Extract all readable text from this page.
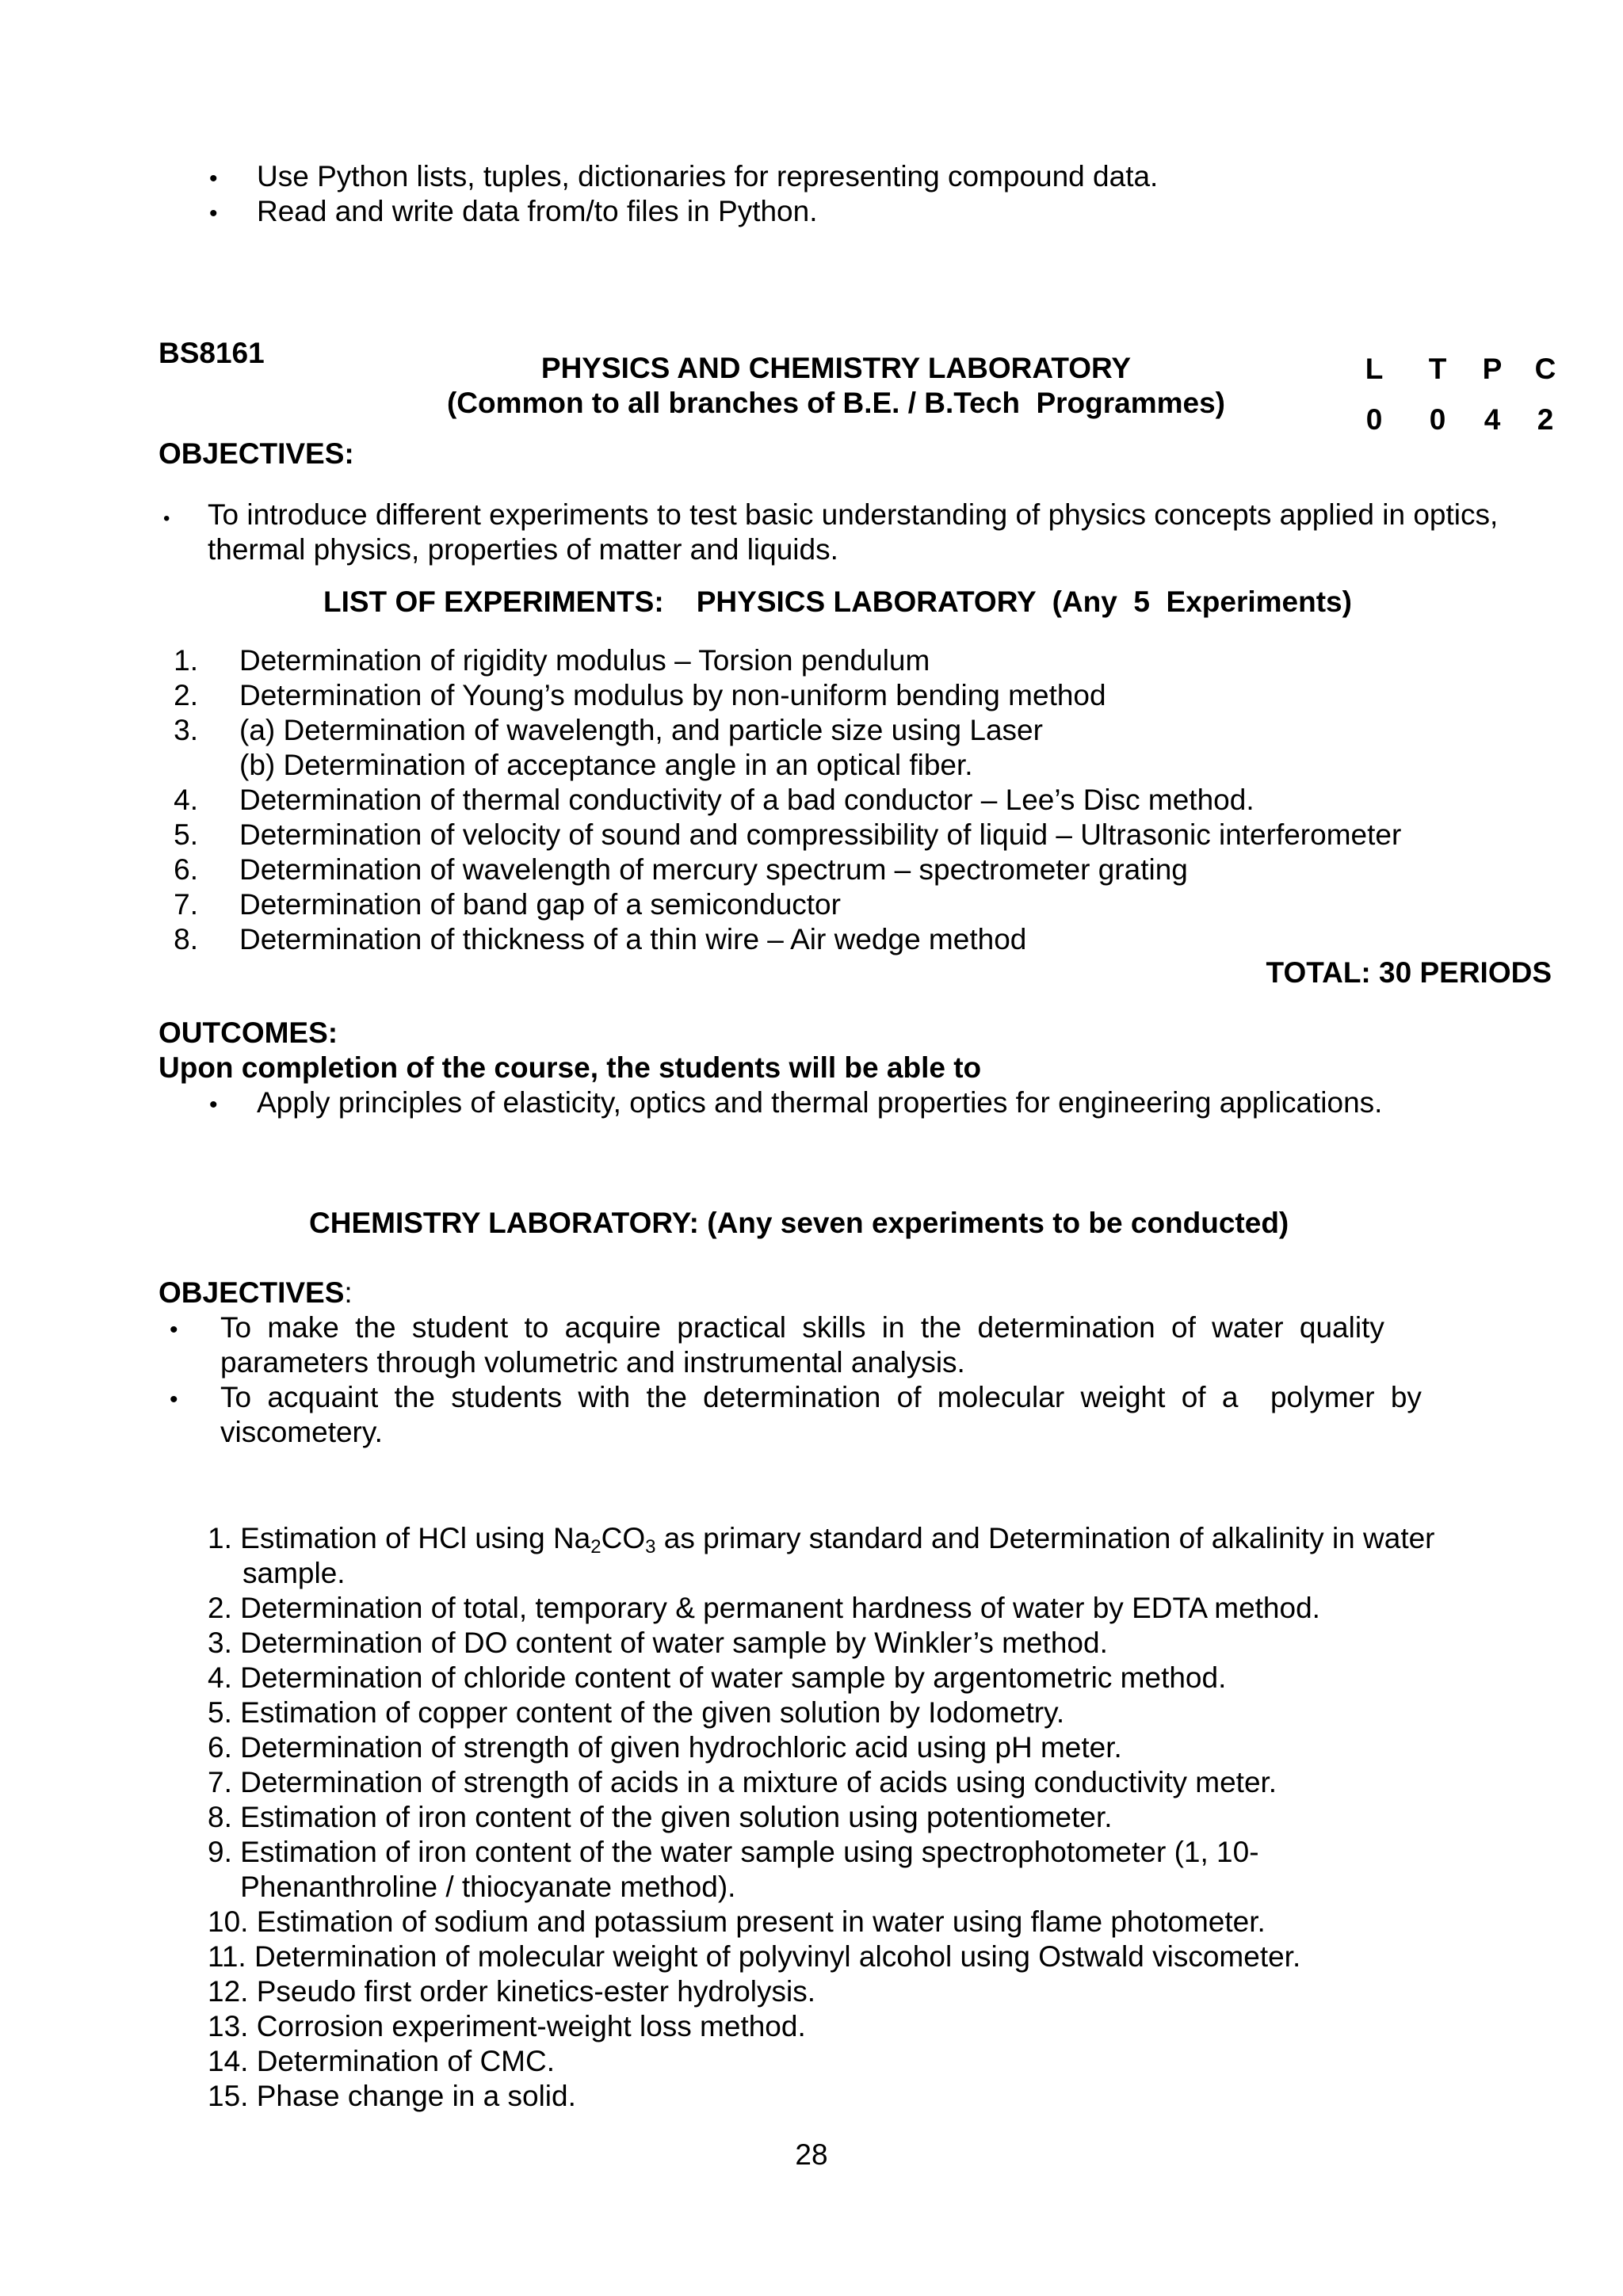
• Use Python lists, tuples, dictionaries for representing compound data.
• Read and write data from/to files in Python.
BS8161	PHYSICS AND CHEMISTRY LABORATORY
(Common to all branches of B.E. / B.Tech  Programmes)
L T P C
0 0 4 2
OBJECTIVES:
• To introduce different experiments to test basic understanding of physics concepts applied in optics,
thermal physics, properties of matter and liquids.
LIST OF EXPERIMENTS:    PHYSICS LABORATORY  (Any  5  Experiments)
1. Determination of rigidity modulus – Torsion pendulum
2. Determination of Young’s modulus by non-uniform bending method
3. (a) Determination of wavelength, and particle size using Laser
(b) Determination of acceptance angle in an optical fiber.
4. Determination of thermal conductivity of a bad conductor – Lee’s Disc method.
5. Determination of velocity of sound and compressibility of liquid – Ultrasonic interferometer
6. Determination of wavelength of mercury spectrum – spectrometer grating
7. Determination of band gap of a semiconductor
8. Determination of thickness of a thin wire – Air wedge method
TOTAL: 30 PERIODS
OUTCOMES:
Upon completion of the course, the students will be able to
• Apply principles of elasticity, optics and thermal properties for engineering applications.
CHEMISTRY LABORATORY: (Any seven experiments to be conducted)
OBJECTIVES:
• To make the student to acquire practical skills in the determination of water quality
parameters through volumetric and instrumental analysis.
• To acquaint the students with the determination of molecular weight of a  polymer by
viscometery.
1. Estimation of HCl using $Na_2CO_3$ as primary standard and Determination of alkalinity in water
sample.
2. Determination of total, temporary & permanent hardness of water by EDTA method.
3. Determination of DO content of water sample by Winkler’s method.
4. Determination of chloride content of water sample by argentometric method.
5. Estimation of copper content of the given solution by Iodometry.
6. Determination of strength of given hydrochloric acid using pH meter.
7. Determination of strength of acids in a mixture of acids using conductivity meter.
8. Estimation of iron content of the given solution using potentiometer.
9. Estimation of iron content of the water sample using spectrophotometer (1, 10-
Phenanthroline / thiocyanate method).
10. Estimation of sodium and potassium present in water using flame photometer.
11. Determination of molecular weight of polyvinyl alcohol using Ostwald viscometer.
12. Pseudo first order kinetics-ester hydrolysis.
13. Corrosion experiment-weight loss method.
14. Determination of CMC.
15. Phase change in a solid.
28
